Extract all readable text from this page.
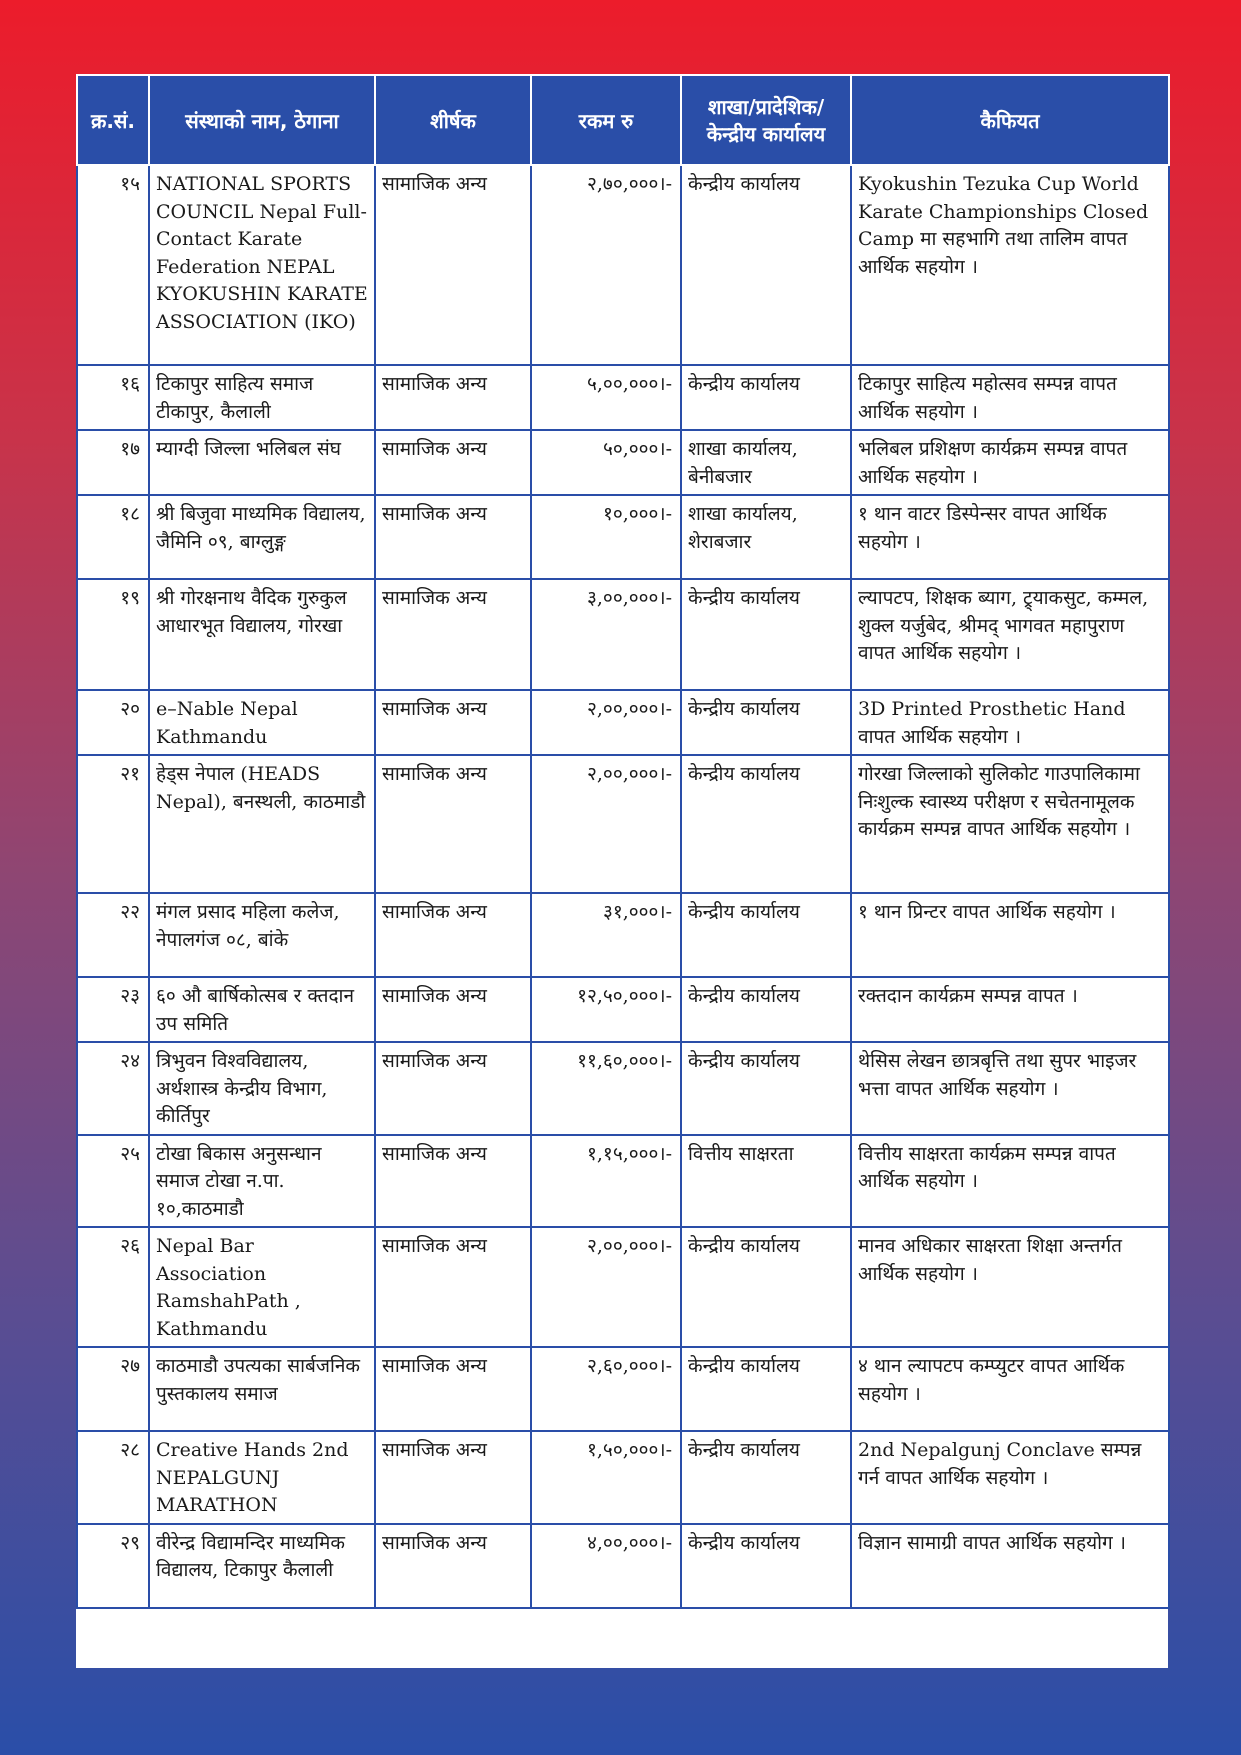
क्र.सं.	संस्थाको नाम, ठेगाना	शीर्षक	रकम रु	शाखा/प्रादेशिक/ केन्द्रीय कार्यालय	कैफियत
१५	NATIONAL SPORTS COUNCIL Nepal Full-Contact Karate Federation NEPAL KYOKUSHIN KARATE ASSOCIATION (IKO)	सामाजिक अन्य	२,७०,०००।-	केन्द्रीय कार्यालय	Kyokushin Tezuka Cup World Karate Championships Closed Camp मा सहभागि तथा तालिम वापत आर्थिक सहयोग ।
१६	टिकापुर साहित्य समाज टीकापुर, कैलाली	सामाजिक अन्य	५,००,०००।-	केन्द्रीय कार्यालय	टिकापुर साहित्य महोत्सव सम्पन्न वापत आर्थिक सहयोग ।
१७	म्याग्दी जिल्ला भलिबल संघ	सामाजिक अन्य	५०,०००।-	शाखा कार्यालय, बेनीबजार	भलिबल प्रशिक्षण कार्यक्रम सम्पन्न वापत आर्थिक सहयोग ।
१८	श्री बिजुवा माध्यमिक विद्यालय, जैमिनि ०९, बाग्लुङ्ग	सामाजिक अन्य	१०,०००।-	शाखा कार्यालय, शेराबजार	१ थान वाटर डिस्पेन्सर वापत आर्थिक सहयोग ।
१९	श्री गोरक्षनाथ वैदिक गुरुकुल आधारभूत विद्यालय, गोरखा	सामाजिक अन्य	३,००,०००।-	केन्द्रीय कार्यालय	ल्यापटप, शिक्षक ब्याग, ट्र्याकसुट, कम्मल, शुक्ल यर्जुबेद, श्रीमद् भागवत महापुराण वापत आर्थिक सहयोग ।
२०	e–Nable Nepal Kathmandu	सामाजिक अन्य	२,००,०००।-	केन्द्रीय कार्यालय	3D Printed Prosthetic Hand वापत आर्थिक सहयोग ।
२१	हेड्स नेपाल (HEADS Nepal), बनस्थली, काठमाडौ	सामाजिक अन्य	२,००,०००।-	केन्द्रीय कार्यालय	गोरखा जिल्लाको सुलिकोट गाउपालिकामा निःशुल्क स्वास्थ्य परीक्षण र सचेतनामूलक कार्यक्रम सम्पन्न वापत आर्थिक सहयोग ।
२२	मंगल प्रसाद महिला कलेज, नेपालगंज ०८, बांके	सामाजिक अन्य	३१,०००।-	केन्द्रीय कार्यालय	१ थान प्रिन्टर वापत आर्थिक सहयोग ।
२३	६० औ बार्षिकोत्सब र क्तदान उप समिति	सामाजिक अन्य	१२,५०,०००।-	केन्द्रीय कार्यालय	रक्तदान कार्यक्रम सम्पन्न वापत ।
२४	त्रिभुवन विश्वविद्यालय, अर्थशास्त्र केन्द्रीय विभाग, कीर्तिपुर	सामाजिक अन्य	११,६०,०००।-	केन्द्रीय कार्यालय	थेसिस लेखन छात्रबृत्ति तथा सुपर भाइजर भत्ता वापत आर्थिक सहयोग ।
२५	टोखा बिकास अनुसन्धान समाज टोखा न.पा. १०,काठमाडौ	सामाजिक अन्य	१,१५,०००।-	वित्तीय साक्षरता	वित्तीय साक्षरता कार्यक्रम सम्पन्न वापत आर्थिक सहयोग ।
२६	Nepal Bar Association RamshahPath , Kathmandu	सामाजिक अन्य	२,००,०००।-	केन्द्रीय कार्यालय	मानव अधिकार साक्षरता शिक्षा अन्तर्गत आर्थिक सहयोग ।
२७	काठमाडौ उपत्यका सार्बजनिक पुस्तकालय समाज	सामाजिक अन्य	२,६०,०००।-	केन्द्रीय कार्यालय	४ थान ल्यापटप कम्प्युटर वापत आर्थिक सहयोग ।
२८	Creative Hands 2nd NEPALGUNJ MARATHON	सामाजिक अन्य	१,५०,०००।-	केन्द्रीय कार्यालय	2nd Nepalgunj Conclave सम्पन्न गर्न वापत आर्थिक सहयोग ।
२९	वीरेन्द्र विद्यामन्दिर माध्यमिक विद्यालय, टिकापुर कैलाली	सामाजिक अन्य	४,००,०००।-	केन्द्रीय कार्यालय	विज्ञान सामाग्री वापत आर्थिक सहयोग ।
